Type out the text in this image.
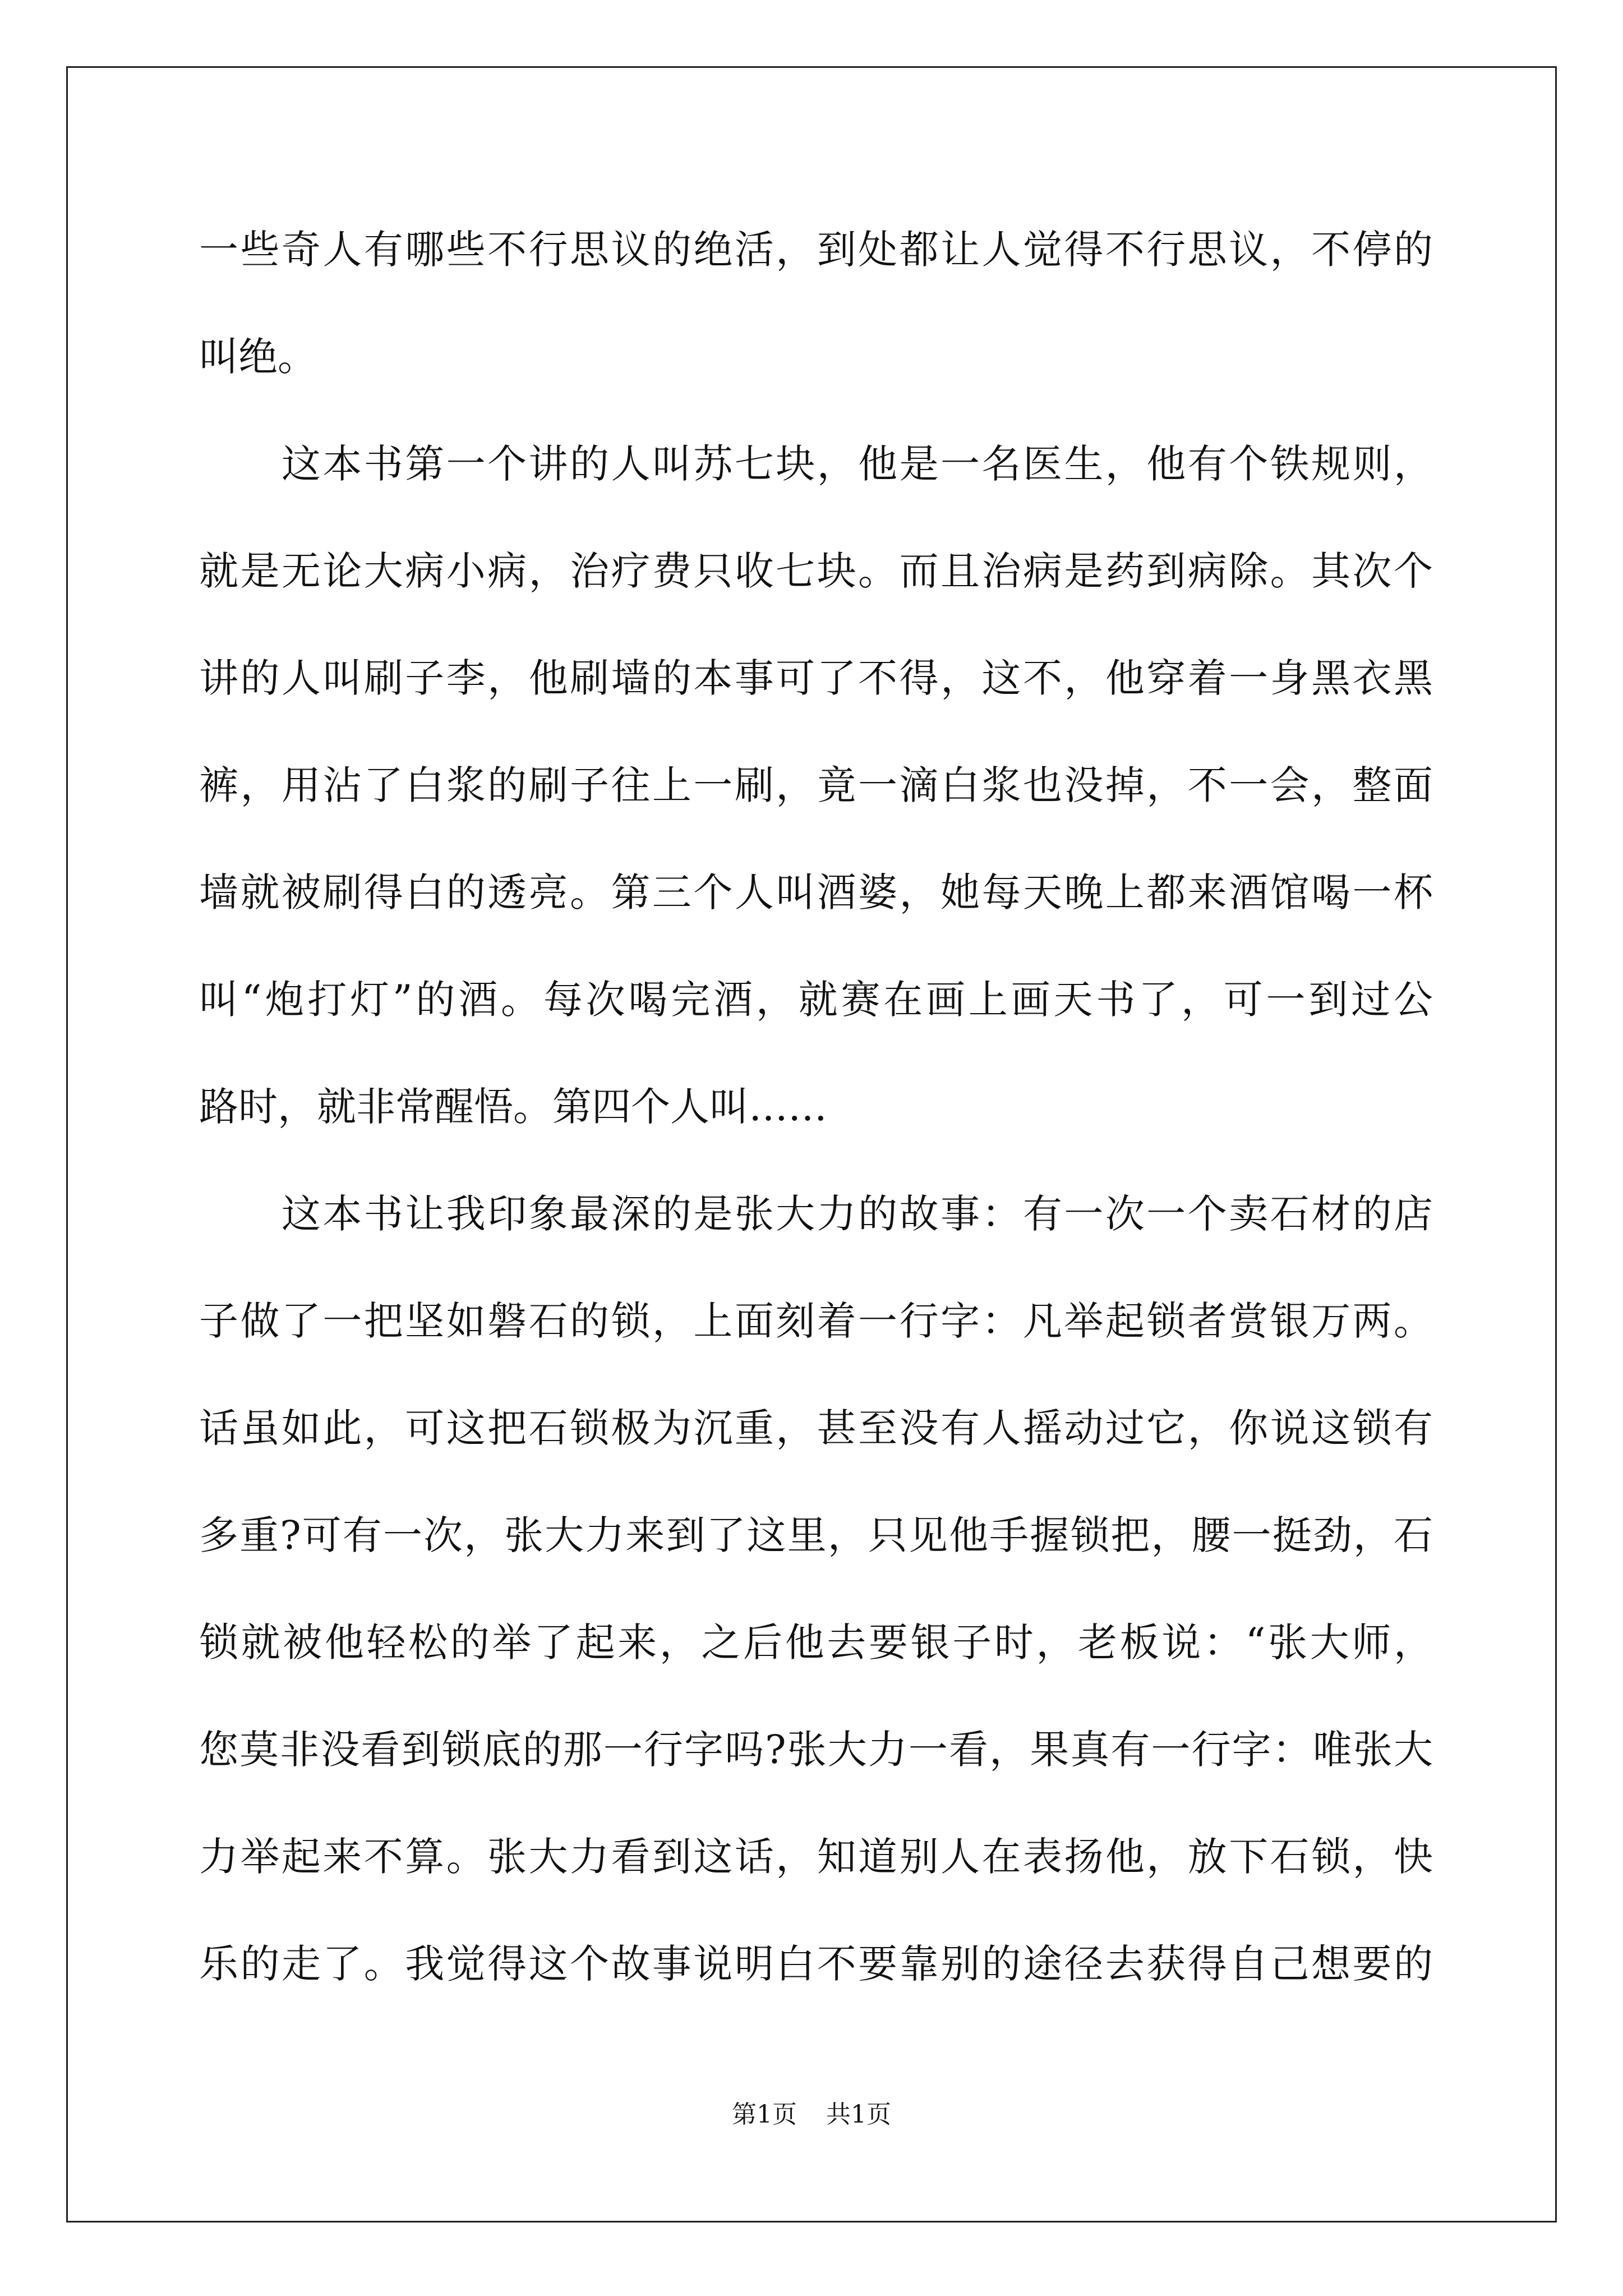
一些奇人有哪些不行思议的绝活，到处都让人觉得不行思议，不停的
叫绝。
　　这本书第一个讲的人叫苏七块，他是一名医生，他有个铁规则，
就是无论大病小病，治疗费只收七块。而且治病是药到病除。其次个
讲的人叫刷子李，他刷墙的本事可了不得，这不，他穿着一身黑衣黑
裤，用沾了白浆的刷子往上一刷，竟一滴白浆也没掉，不一会，整面
墙就被刷得白的透亮。第三个人叫酒婆，她每天晚上都来酒馆喝一杯
叫“炮打灯”的酒。每次喝完酒，就赛在画上画天书了，可一到过公
路时，就非常醒悟。第四个人叫……
　　这本书让我印象最深的是张大力的故事：有一次一个卖石材的店
子做了一把坚如磐石的锁，上面刻着一行字：凡举起锁者赏银万两。
话虽如此，可这把石锁极为沉重，甚至没有人摇动过它，你说这锁有
多重?可有一次，张大力来到了这里，只见他手握锁把，腰一挺劲，石
锁就被他轻松的举了起来，之后他去要银子时，老板说：“张大师，
您莫非没看到锁底的那一行字吗?张大力一看，果真有一行字：唯张大
力举起来不算。张大力看到这话，知道别人在表扬他，放下石锁，快
乐的走了。我觉得这个故事说明白不要靠别的途径去获得自己想要的
第1页 共1页
